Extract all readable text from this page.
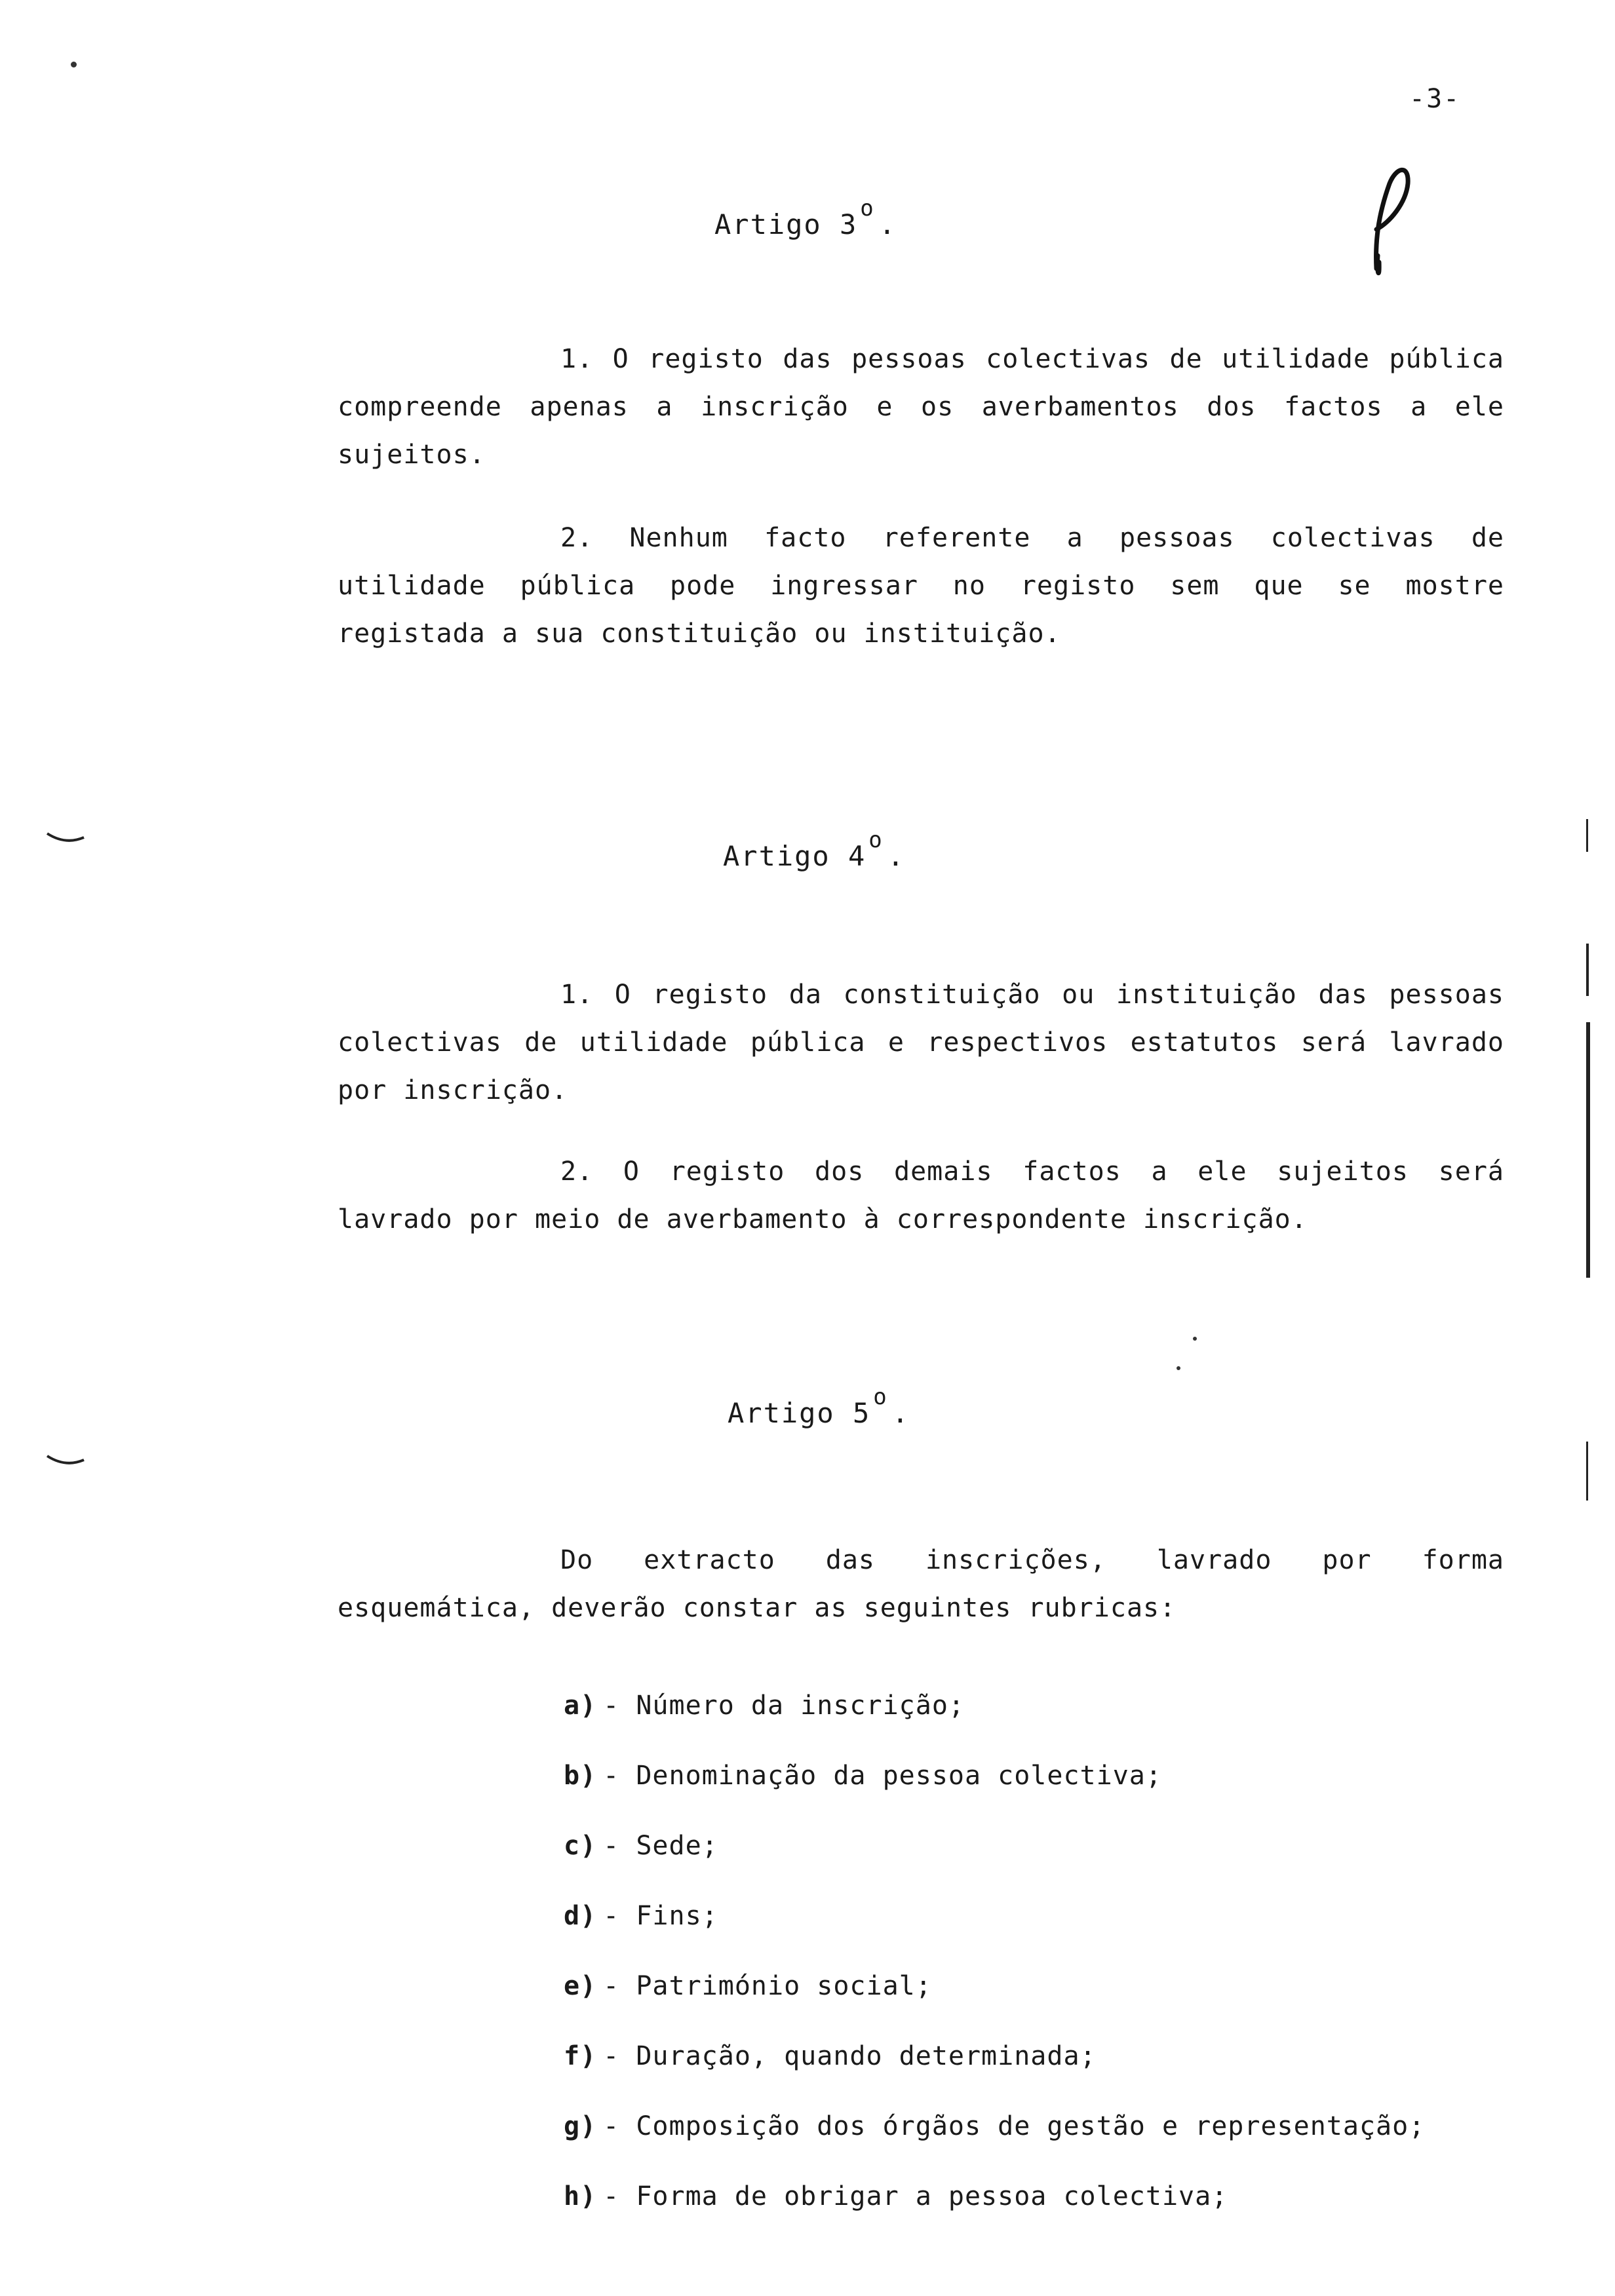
-3-
Artigo 3 $^o$ .

1. O registo das pessoas colectivas de utilidade pública compreende apenas a inscrição e os averbamentos dos factos a ele sujeitos.

2. Nenhum facto referente a pessoas colectivas de utilidade pública pode ingressar no registo sem que se mostre registada a sua constituição ou instituição.

Artigo 4 $^o$ .

1. O registo da constituição ou instituição das pessoas colectivas de utilidade pública e respectivos estatutos será lavrado por inscrição.

2. O registo dos demais factos a ele sujeitos será lavrado por meio de averbamento à correspondente inscrição.

Artigo 5 $^o$ .

Do extracto das inscrições, lavrado por forma esquemática, deverão constar as seguintes rubricas:

a) - Número da inscrição;
b) - Denominação da pessoa colectiva;
c) - Sede;
d) - Fins;
e) - Património social;
f) - Duração, quando determinada;
g) - Composição dos órgãos de gestão e representação;
h) - Forma de obrigar a pessoa colectiva;
